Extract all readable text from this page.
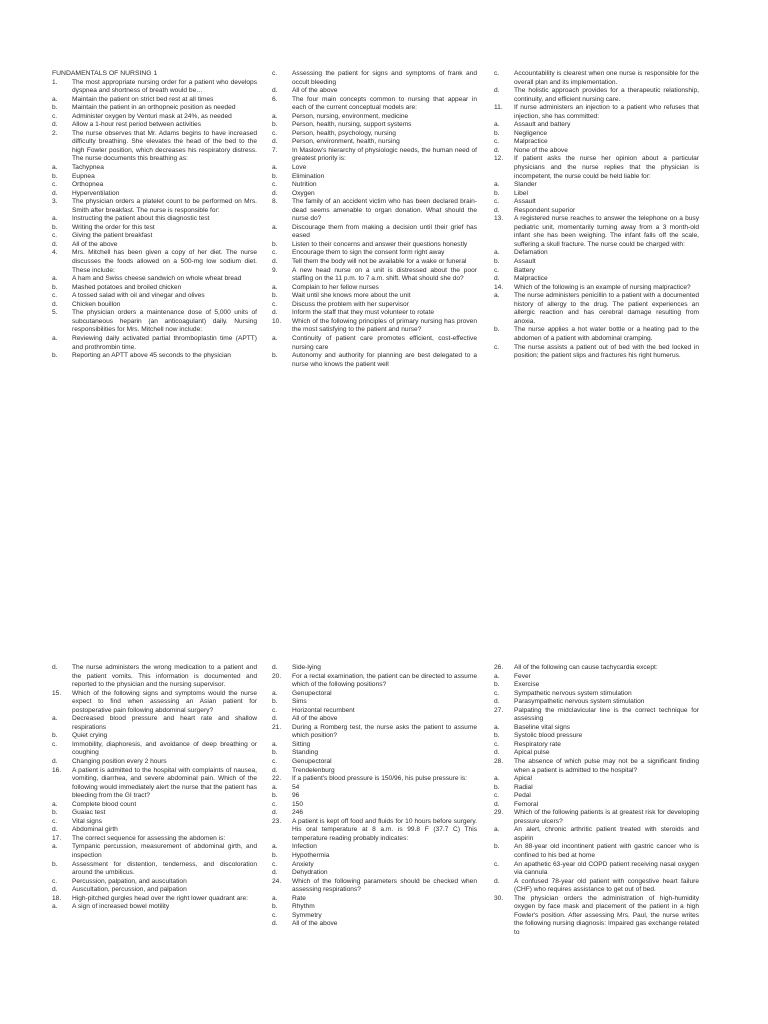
FUNDAMENTALS OF NURSING 1
1.	The most appropriate nursing order for a patient who develops dyspnea and shortness of breath would be…
a.	Maintain the patient on strict bed rest at all times
b.	Maintain the patient in an orthopneic position as needed
c.	Administer oxygen by Venturi mask at 24%, as needed
d.	Allow a 1-hour rest period between activities
2.	The nurse observes that Mr. Adams begins to have increased difficulty breathing. She elevates the head of the bed to the high Fowler position, which decreases his respiratory distress. The nurse documents this breathing as:
a.	Tachypnea
b.	Eupnea
c.	Orthopnea
d.	Hyperventilation
3.	The physician orders a platelet count to be performed on Mrs. Smith after breakfast. The nurse is responsible for:
a.	Instructing the patient about this diagnostic test
b.	Writing the order for this test
c.	Giving the patient breakfast
d.	All of the above
4.	Mrs. Mitchell has been given a copy of her diet. The nurse discusses the foods allowed on a 500-mg low sodium diet. These include:
a.	A ham and Swiss cheese sandwich on whole wheat bread
b.	Mashed potatoes and broiled chicken
c.	A tossed salad with oil and vinegar and olives
d.	Chicken bouillon
5.	The physician orders a maintenance dose of 5,000 units of subcutaneous heparin (an anticoagulant) daily. Nursing responsibilities for Mrs. Mitchell now include:
a.	Reviewing daily activated partial thromboplastin time (APTT) and prothrombin time.
b.	Reporting an APTT above 45 seconds to the physician
c.	Assessing the patient for signs and symptoms of frank and occult bleeding
d.	All of the above
6.	The four main concepts common to nursing that appear in each of the current conceptual models are:
a.	Person, nursing, environment, medicine
b.	Person, health, nursing, support systems
c.	Person, health, psychology, nursing
d.	Person, environment, health, nursing
7.	In Maslow's hierarchy of physiologic needs, the human need of greatest priority is:
a.	Love
b.	Elimination
c.	Nutrition
d.	Oxygen
8.	The family of an accident victim who has been declared brain-dead seems amenable to organ donation. What should the nurse do?
a.	Discourage them from making a decision until their grief has eased
b.	Listen to their concerns and answer their questions honestly
c.	Encourage them to sign the consent form right away
d.	Tell them the body will not be available for a wake or funeral
9.	A new head nurse on a unit is distressed about the poor staffing on the 11 p.m. to 7 a.m. shift. What should she do?
a.	Complain to her fellow nurses
b.	Wait until she knows more about the unit
c.	Discuss the problem with her supervisor
d.	Inform the staff that they must volunteer to rotate
10.	Which of the following principles of primary nursing has proven the most satisfying to the patient and nurse?
a.	Continuity of patient care promotes efficient, cost-effective nursing care
b.	Autonomy and authority for planning are best delegated to a nurse who knows the patient well
c.	Accountability is clearest when one nurse is responsible for the overall plan and its implementation.
d.	The holistic approach provides for a therapeutic relationship, continuity, and efficient nursing care.
11.	If nurse administers an injection to a patient who refuses that injection, she has committed:
a.	Assault and battery
b.	Negligence
c.	Malpractice
d.	None of the above
12.	If patient asks the nurse her opinion about a particular physicians and the nurse replies that the physician is incompetent, the nurse could be held liable for:
a.	Slander
b.	Libel
c.	Assault
d.	Respondent superior
13.	A registered nurse reaches to answer the telephone on a busy pediatric unit, momentarily turning away from a 3 month-old infant she has been weighing. The infant falls off the scale, suffering a skull fracture. The nurse could be charged with:
a.	Defamation
b.	Assault
c.	Battery
d.	Malpractice
14.	Which of the following is an example of nursing malpractice?
a.	The nurse administers penicillin to a patient with a documented history of allergy to the drug. The patient experiences an allergic reaction and has cerebral damage resulting from anoxia.
b.	The nurse applies a hot water bottle or a heating pad to the abdomen of a patient with abdominal cramping.
c.	The nurse assists a patient out of bed with the bed locked in position; the patient slips and fractures his right humerus.
d.	The nurse administers the wrong medication to a patient and the patient vomits. This information is documented and reported to the physician and the nursing supervisor.
15.	Which of the following signs and symptoms would the nurse expect to find when assessing an Asian patient for postoperative pain following abdominal surgery?
a.	Decreased blood pressure and heart rate and shallow respirations
b.	Quiet crying
c.	Immobility, diaphoresis, and avoidance of deep breathing or coughing
d.	Changing position every 2 hours
16.	A patient is admitted to the hospital with complaints of nausea, vomiting, diarrhea, and severe abdominal pain. Which of the following would immediately alert the nurse that the patient has bleeding from the GI tract?
a.	Complete blood count
b.	Guaiac test
c.	Vital signs
d.	Abdominal girth
17.	The correct sequence for assessing the abdomen is:
a.	Tympanic percussion, measurement of abdominal girth, and inspection
b.	Assessment for distention, tenderness, and discoloration around the umbilicus.
c.	Percussion, palpation, and auscultation
d.	Auscultation, percussion, and palpation
18.	High-pitched gurgles head over the right lower quadrant are:
a.	A sign of increased bowel motility
d.	Side-lying
20.	For a rectal examination, the patient can be directed to assume which of the following positions?
a.	Genupectoral
b.	Sims
c.	Horizontal recumbent
d.	All of the above
21.	During a Romberg test, the nurse asks the patient to assume which position?
a.	Sitting
b.	Standing
c.	Genupectoral
d.	Trendelenburg
22.	If a patient's blood pressure is 150/96, his pulse pressure is:
a.	54
b.	96
c.	150
d.	246
23.	A patient is kept off food and fluids for 10 hours before surgery. His oral temperature at 8 a.m. is 99.8 F (37.7 C) This temperature reading probably indicates:
a.	Infection
b.	Hypothermia
c.	Anxiety
d.	Dehydration
24.	Which of the following parameters should be checked when assessing respirations?
a.	Rate
b.	Rhythm
c.	Symmetry
d.	All of the above
26.	All of the following can cause tachycardia except:
a.	Fever
b.	Exercise
c.	Sympathetic nervous system stimulation
d.	Parasympathetic nervous system stimulation
27.	Palpating the midclavicular line is the correct technique for assessing
a.	Baseline vital signs
b.	Systolic blood pressure
c.	Respiratory rate
d.	Apical pulse
28.	The absence of which pulse may not be a significant finding when a patient is admitted to the hospital?
a.	Apical
b.	Radial
c.	Pedal
d.	Femoral
29.	Which of the following patients is at greatest risk for developing pressure ulcers?
a.	An alert, chronic arthritic patient treated with steroids and aspirin
b.	An 88-year old incontinent patient with gastric cancer who is confined to his bed at home
c.	An apathetic 63-year old COPD patient receiving nasal oxygen via cannula
d.	A confused 78-year old patient with congestive heart failure (CHF) who requires assistance to get out of bed.
30.	The physician orders the administration of high-humidity oxygen by face mask and placement of the patient in a high Fowler's position. After assessing Mrs. Paul, the nurse writes the following nursing diagnosis: Impaired gas exchange related to
